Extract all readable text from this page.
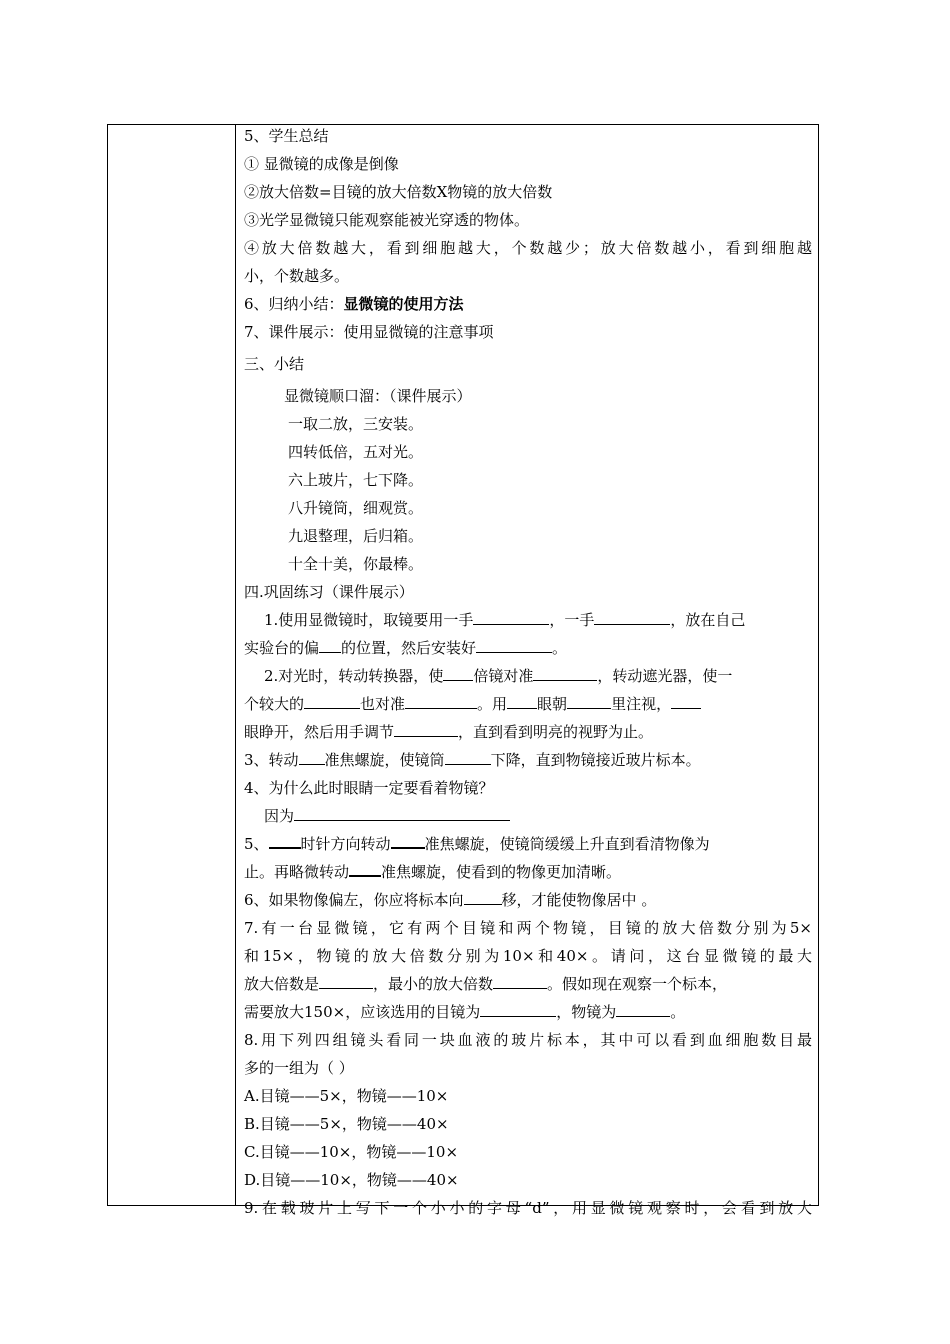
5、学生总结
① 显微镜的成像是倒像
②放大倍数=目镜的放大倍数X物镜的放大倍数
③光学显微镜只能观察能被光穿透的物体。
④放大倍数越大，看到细胞越大，个数越少；放大倍数越小，看到细胞越
小，个数越多。
6、归纳小结：显微镜的使用方法
7、课件展示：使用显微镜的注意事项
三、小结
显微镜顺口溜：（课件展示）
一取二放，三安装。
四转低倍，五对光。
六上玻片，七下降。
八升镜筒，细观赏。
九退整理，后归箱。
十全十美，你最棒。
四.巩固练习（课件展示）
1.使用显微镜时，取镜要用一手	，一手	，放在自己
实验台的偏 的位置，然后安装好	。
2.对光时，转动转换器，使 倍镜对准	，转动遮光器，使一
个较大的	也对准	。用 眼朝	里注视，
眼睁开，然后用手调节	，直到看到明亮的视野为止。
3、转动 准焦螺旋，使镜筒	下降，直到物镜接近玻片标本。
4、为什么此时眼睛一定要看着物镜？
因为
5、 时针方向转动 准焦螺旋，使镜筒缓缓上升直到看清物像为
止。再略微转动 准焦螺旋，使看到的物像更加清晰。
6、如果物像偏左，你应将标本向	移，才能使物像居中 。
7.有一台显微镜，它有两个目镜和两个物镜，目镜的放大倍数分别为5×
和15×，物镜的放大倍数分别为10×和40×。请问，这台显微镜的最大
放大倍数是	，最小的放大倍数	。假如现在观察一个标本，
需要放大150×，应该选用的目镜为	，物镜为	。
8.用下列四组镜头看同一块血液的玻片标本，其中可以看到血细胞数目最
多的一组为（ ）
A.目镜——5×，物镜——10×
B.目镜——5×，物镜——40×
C.目镜——10×，物镜——10×
D.目镜——10×，物镜——40×
9.在载玻片上写下一个小小的字母“d”，用显微镜观察时，会看到放大
